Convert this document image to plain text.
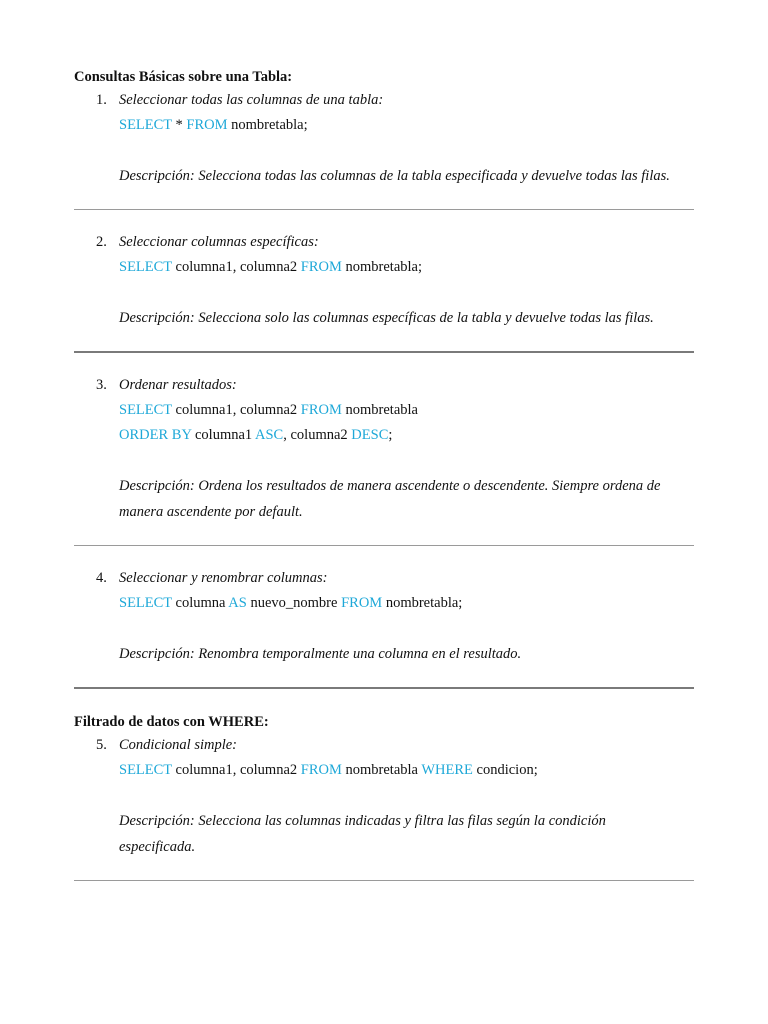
Consultas Básicas sobre una Tabla:
1. Seleccionar todas las columnas de una tabla:
SELECT * FROM nombretabla;
Descripción: Selecciona todas las columnas de la tabla especificada y devuelve todas las filas.
2. Seleccionar columnas específicas:
SELECT columna1, columna2 FROM nombretabla;
Descripción: Selecciona solo las columnas específicas de la tabla y devuelve todas las filas.
3. Ordenar resultados:
SELECT columna1, columna2 FROM nombretabla
ORDER BY columna1 ASC, columna2 DESC;
Descripción: Ordena los resultados de manera ascendente o descendente. Siempre ordena de manera ascendente por default.
4. Seleccionar y renombrar columnas:
SELECT columna AS nuevo_nombre FROM nombretabla;
Descripción: Renombra temporalmente una columna en el resultado.
Filtrado de datos con WHERE:
5. Condicional simple:
SELECT columna1, columna2 FROM nombretabla WHERE condicion;
Descripción: Selecciona las columnas indicadas y filtra las filas según la condición especificada.
